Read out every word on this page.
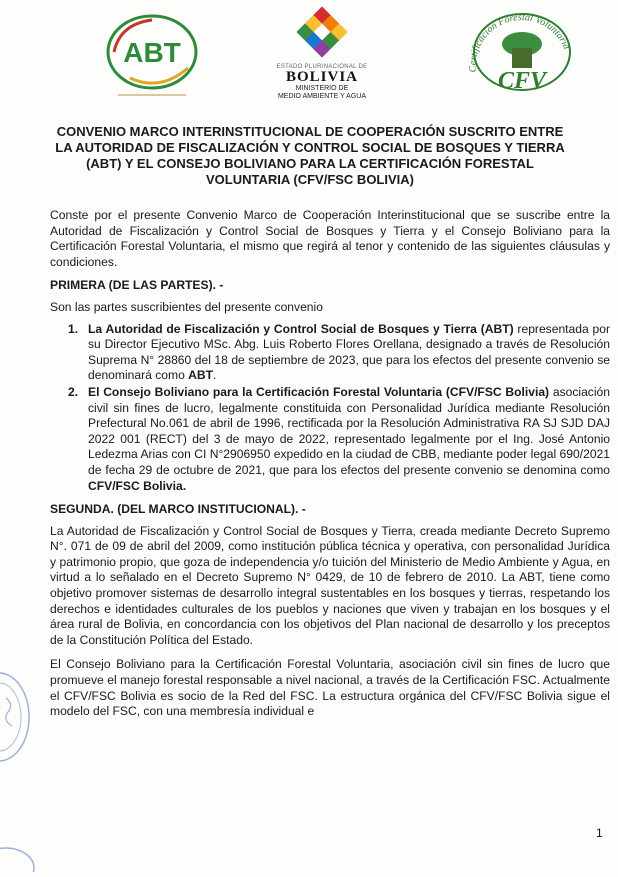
ABT	ESTADO PLURINACIONAL DE
BOLIVIA
MINISTERIO DE
MEDIO AMBIENTE Y AGUA
Certificación Forestal Voluntaria
CFV
CONVENIO MARCO INTERINSTITUCIONAL DE COOPERACIÓN SUSCRITO ENTRE LA AUTORIDAD DE FISCALIZACIÓN Y CONTROL SOCIAL DE BOSQUES Y TIERRA (ABT) Y EL CONSEJO BOLIVIANO PARA LA CERTIFICACIÓN FORESTAL VOLUNTARIA (CFV/FSC BOLIVIA)

Conste por el presente Convenio Marco de Cooperación Interinstitucional que se suscribe entre la Autoridad de Fiscalización y Control Social de Bosques y Tierra y el Consejo Boliviano para la Certificación Forestal Voluntaria, el mismo que regirá al tenor y contenido de las siguientes cláusulas y condiciones.

PRIMERA (DE LAS PARTES). -

Son las partes suscribientes del presente convenio

1. La Autoridad de Fiscalización y Control Social de Bosques y Tierra (ABT) representada por su Director Ejecutivo MSc. Abg. Luis Roberto Flores Orellana, designado a través de Resolución Suprema N° 28860 del 18 de septiembre de 2023, que para los efectos del presente convenio se denominará como ABT.
2. El Consejo Boliviano para la Certificación Forestal Voluntaria (CFV/FSC Bolivia) asociación civil sin fines de lucro, legalmente constituida con Personalidad Jurídica mediante Resolución Prefectural No.061 de abril de 1996, rectificada por la Resolución Administrativa RA SJ SJD DAJ 2022 001 (RECT) del 3 de mayo de 2022, representado legalmente por el Ing. José Antonio Ledezma Arias con CI N°2906950 expedido en la ciudad de CBB, mediante poder legal 690/2021 de fecha 29 de octubre de 2021, que para los efectos del presente convenio se denomina como CFV/FSC Bolivia.
SEGUNDA. (DEL MARCO INSTITUCIONAL). -

La Autoridad de Fiscalización y Control Social de Bosques y Tierra, creada mediante Decreto Supremo N°. 071 de 09 de abril del 2009, como institución pública técnica y operativa, con personalidad Jurídica y patrimonio propio, que goza de independencia y/o tuición del Ministerio de Medio Ambiente y Agua, en virtud a lo señalado en el Decreto Supremo N° 0429, de 10 de febrero de 2010. La ABT, tiene como objetivo promover sistemas de desarrollo integral sustentables en los bosques y tierras, respetando los derechos e identidades culturales de los pueblos y naciones que viven y trabajan en los bosques y el área rural de Bolivia, en concordancia con los objetivos del Plan nacional de desarrollo y los preceptos de la Constitución Política del Estado.

El Consejo Boliviano para la Certificación Forestal Voluntaria, asociación civil sin fines de lucro que promueve el manejo forestal responsable a nivel nacional, a través de la Certificación FSC. Actualmente el CFV/FSC Bolivia es socio de la Red del FSC. La estructura orgánica del CFV/FSC Bolivia sigue el modelo del FSC, con una membresía individual e

1
